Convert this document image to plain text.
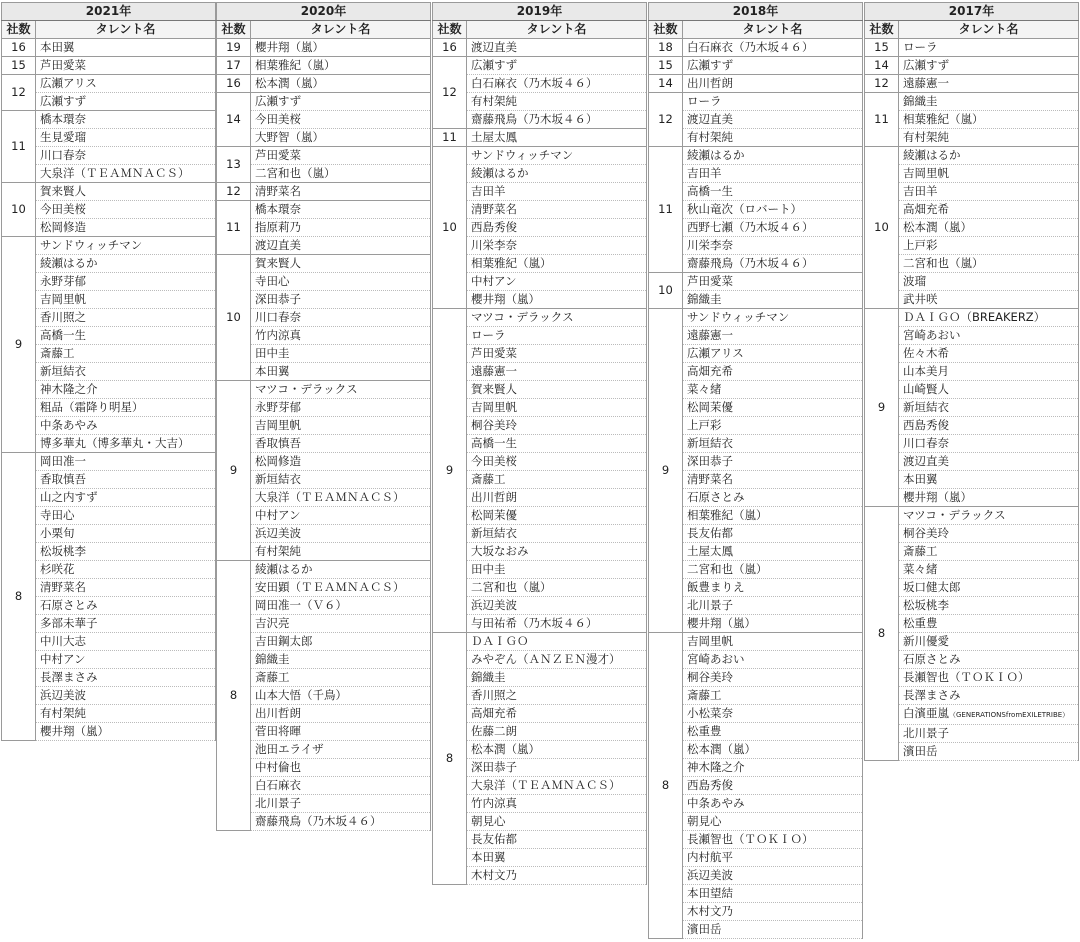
2021年	
社数	タレント名
16	本田翼
15	芦田愛菜
12	広瀬アリス
	広瀬すず
11	橋本環奈
	生見愛瑠
	川口春奈
	大泉洋（ＴＥＡＭＮＡＣＳ）
10	賀来賢人
	今田美桜
	松岡修造
9	サンドウィッチマン
	綾瀬はるか
	永野芽郁
	吉岡里帆
	香川照之
	高橋一生
	斎藤工
	新垣結衣
	神木隆之介
	粗品（霜降り明星）
	中条あやみ
	博多華丸（博多華丸・大吉）
8	岡田准一
	香取慎吾
	山之内すず
	寺田心
	小栗旬
	松坂桃李
	杉咲花
	清野菜名
	石原さとみ
	多部未華子
	中川大志
	中村アン
	長澤まさみ
	浜辺美波
	有村架純
	櫻井翔（嵐）
2020年	
社数	タレント名
19	櫻井翔（嵐）
17	相葉雅紀（嵐）
16	松本潤（嵐）
14	広瀬すず
	今田美桜
	大野智（嵐）
13	芦田愛菜
	二宮和也（嵐）
12	清野菜名
11	橋本環奈
	指原莉乃
	渡辺直美
10	賀来賢人
	寺田心
	深田恭子
	川口春奈
	竹内涼真
	田中圭
	本田翼
9	マツコ・デラックス
	永野芽郁
	吉岡里帆
	香取慎吾
	松岡修造
	新垣結衣
	大泉洋（ＴＥＡＭＮＡＣＳ）
	中村アン
	浜辺美波
	有村架純
8	綾瀬はるか
	安田顕（ＴＥＡＭＮＡＣＳ）
	岡田准一（Ｖ６）
	吉沢亮
	吉田鋼太郎
	錦織圭
	斎藤工
	山本大悟（千鳥）
	出川哲朗
	菅田将暉
	池田エライザ
	中村倫也
	白石麻衣
	北川景子
	齋藤飛鳥（乃木坂４６）
2019年	
社数	タレント名
16	渡辺直美
12	広瀬すず
	白石麻衣（乃木坂４６）
	有村架純
	齋藤飛鳥（乃木坂４６）
11	土屋太鳳
10	サンドウィッチマン
	綾瀬はるか
	吉田羊
	清野菜名
	西島秀俊
	川栄李奈
	相葉雅紀（嵐）
	中村アン
	櫻井翔（嵐）
9	マツコ・デラックス
	ローラ
	芦田愛菜
	遠藤憲一
	賀来賢人
	吉岡里帆
	桐谷美玲
	高橋一生
	今田美桜
	斎藤工
	出川哲朗
	松岡茉優
	新垣結衣
	大坂なおみ
	田中圭
	二宮和也（嵐）
	浜辺美波
	与田祐希（乃木坂４６）
8	ＤＡＩＧＯ
	みやぞん（ＡＮＺＥＮ漫才）
	錦織圭
	香川照之
	高畑充希
	佐藤二朗
	松本潤（嵐）
	深田恭子
	大泉洋（ＴＥＡＭＮＡＣＳ）
	竹内涼真
	朝見心
	長友佑都
	本田翼
	木村文乃
2018年	
社数	タレント名
18	白石麻衣（乃木坂４６）
15	広瀬すず
14	出川哲朗
12	ローラ
	渡辺直美
	有村架純
11	綾瀬はるか
	吉田羊
	高橋一生
	秋山竜次（ロバート）
	西野七瀬（乃木坂４６）
	川栄李奈
	齋藤飛鳥（乃木坂４６）
10	芦田愛菜
	錦織圭
9	サンドウィッチマン
	遠藤憲一
	広瀬アリス
	高畑充希
	菜々緒
	松岡茉優
	上戸彩
	新垣結衣
	深田恭子
	清野菜名
	石原さとみ
	相葉雅紀（嵐）
	長友佑都
	土屋太鳳
	二宮和也（嵐）
	飯豊まりえ
	北川景子
	櫻井翔（嵐）
8	吉岡里帆
	宮崎あおい
	桐谷美玲
	斎藤工
	小松菜奈
	松重豊
	松本潤（嵐）
	神木隆之介
	西島秀俊
	中条あやみ
	朝見心
	長瀬智也（ＴＯＫＩＯ）
	内村航平
	浜辺美波
	本田望結
	木村文乃
	濱田岳
2017年	
社数	タレント名
15	ローラ
14	広瀬すず
12	遠藤憲一
11	錦織圭
	相葉雅紀（嵐）
	有村架純
10	綾瀬はるか
	吉岡里帆
	吉田羊
	高畑充希
	松本潤（嵐）
	上戸彩
	二宮和也（嵐）
	波瑠
	武井咲
9	ＤＡＩＧＯ（BREAKERZ）
	宮崎あおい
	佐々木希
	山本美月
	山崎賢人
	新垣結衣
	西島秀俊
	川口春奈
	渡辺直美
	本田翼
	櫻井翔（嵐）
8	マツコ・デラックス
	桐谷美玲
	斎藤工
	菜々緒
	坂口健太郎
	松坂桃李
	松重豊
	新川優愛
	石原さとみ
	長瀬智也（ＴＯＫＩＯ）
	長澤まさみ
	白濱亜嵐（GENERATIONSfromEXILETRIBE）
	北川景子
	濱田岳
